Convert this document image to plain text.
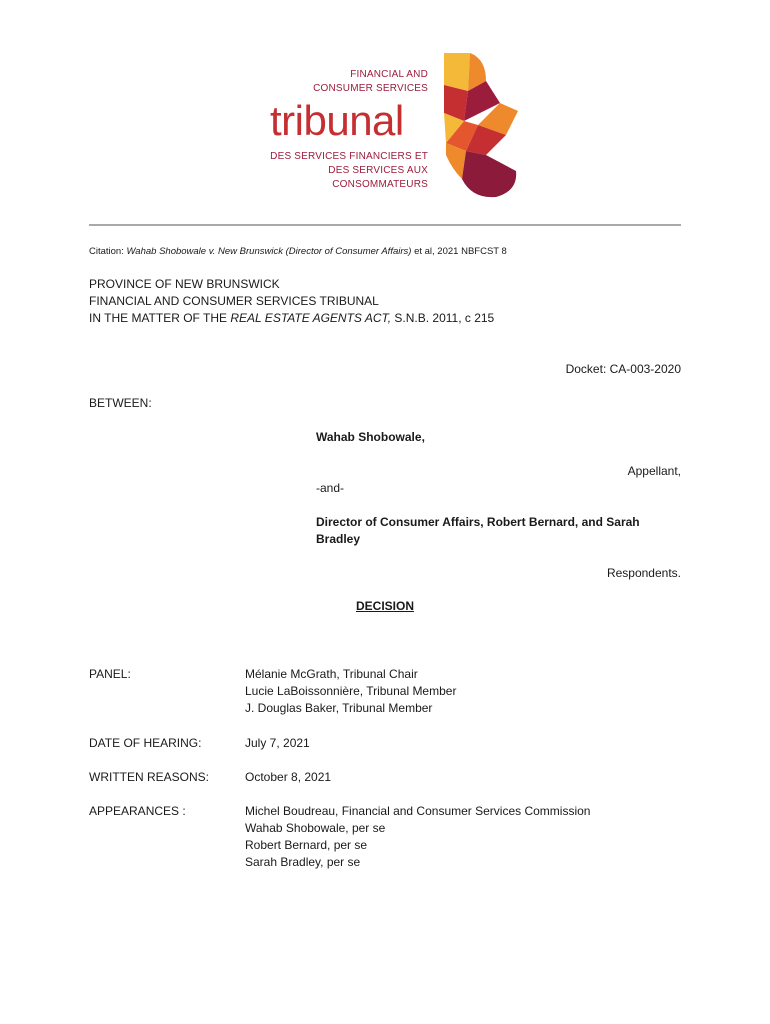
FINANCIAL AND
CONSUMER SERVICES
tribunal
DES SERVICES FINANCIERS ET
DES SERVICES AUX CONSOMMATEURS
Citation: Wahab Shobowale v. New Brunswick (Director of Consumer Affairs) et al, 2021 NBFCST 8
PROVINCE OF NEW BRUNSWICK
FINANCIAL AND CONSUMER SERVICES TRIBUNAL
IN THE MATTER OF THE REAL ESTATE AGENTS ACT, S.N.B. 2011, c 215
Docket: CA-003-2020
BETWEEN:
Wahab Shobowale,
Appellant,
-and-
Director of Consumer Affairs, Robert Bernard, and Sarah Bradley
Respondents.
DECISION
PANEL:	Mélanie McGrath, Tribunal Chair
Lucie LaBoissonnière, Tribunal Member
J. Douglas Baker, Tribunal Member
DATE OF HEARING:	July 7, 2021
WRITTEN REASONS:	October 8, 2021
APPEARANCES :	Michel Boudreau, Financial and Consumer Services Commission
Wahab Shobowale, per se
Robert Bernard, per se
Sarah Bradley, per se
